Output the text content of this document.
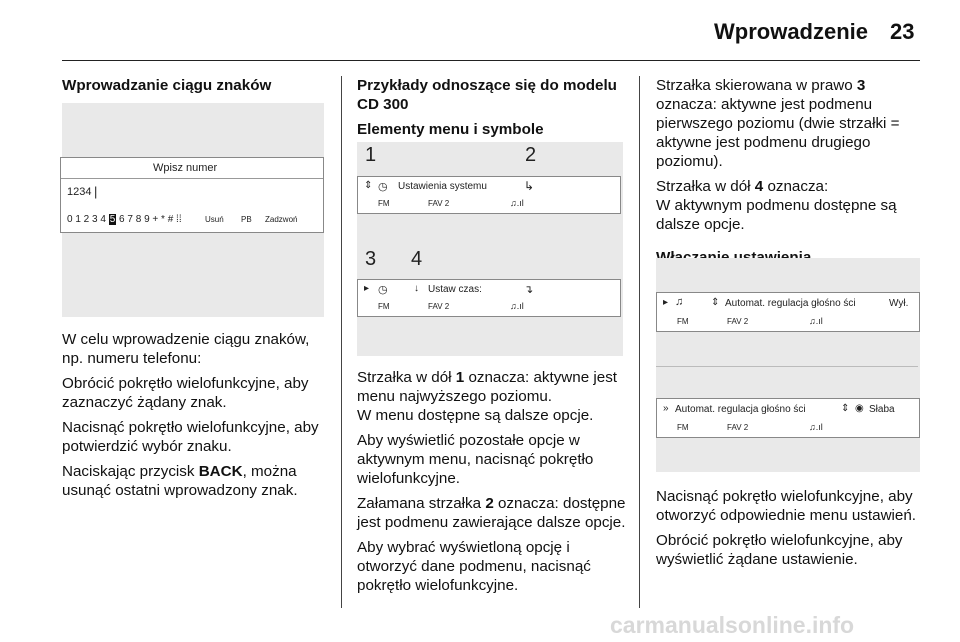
Wprowadzenie 23

Wprowadzanie ciągu znaków

Wpisz numer
1234 |
0 1 2 3 4 5 6 7 8 9 + * # ⁞⁞	Usuń PB Zadzwoń

W celu wprowadzenie ciągu znaków, np. numeru telefonu:

Obrócić pokrętło wielofunkcyjne, aby zaznaczyć żądany znak.

Nacisnąć pokrętło wielofunkcyjne, aby potwierdzić wybór znaku.

Naciskając przycisk BACK, można usunąć ostatni wprowadzony znak.

Przykłady odnoszące się do modelu CD 300

Elementy menu i symbole

1	2
⇕ ◷ Ustawienia systemu	↳
FM	FAV 2	♫.ıl
3 4
▸ ◷	↓ Ustaw czas:	↴
FM	FAV 2	♫.ıl

Strzałka w dół 1 oznacza: aktywne jest menu najwyższego poziomu.
W menu dostępne są dalsze opcje.

Aby wyświetlić pozostałe opcje w aktywnym menu, nacisnąć pokrętło wielofunkcyjne.

Załamana strzałka 2 oznacza: dostępne jest podmenu zawierające dalsze opcje.

Aby wybrać wyświetloną opcję i otworzyć dane podmenu, nacisnąć pokrętło wielofunkcyjne.

Strzałka skierowana w prawo 3 oznacza: aktywne jest podmenu pierwszego poziomu (dwie strzałki = aktywne jest podmenu drugiego poziomu).

Strzałka w dół 4 oznacza:
W aktywnym podmenu dostępne są dalsze opcje.

▸ ♫	⇕ Automat. regulacja głośno ści	Wył.
FM	FAV 2	♫.ıl
» Automat. regulacja głośno ści	⇕ ◉ Słaba
FM	FAV 2	♫.ıl

Nacisnąć pokrętło wielofunkcyjne, aby otworzyć odpowiednie menu ustawień.

Obrócić pokrętło wielofunkcyjne, aby wyświetlić żądane ustawienie.

carmanualsonline.info
